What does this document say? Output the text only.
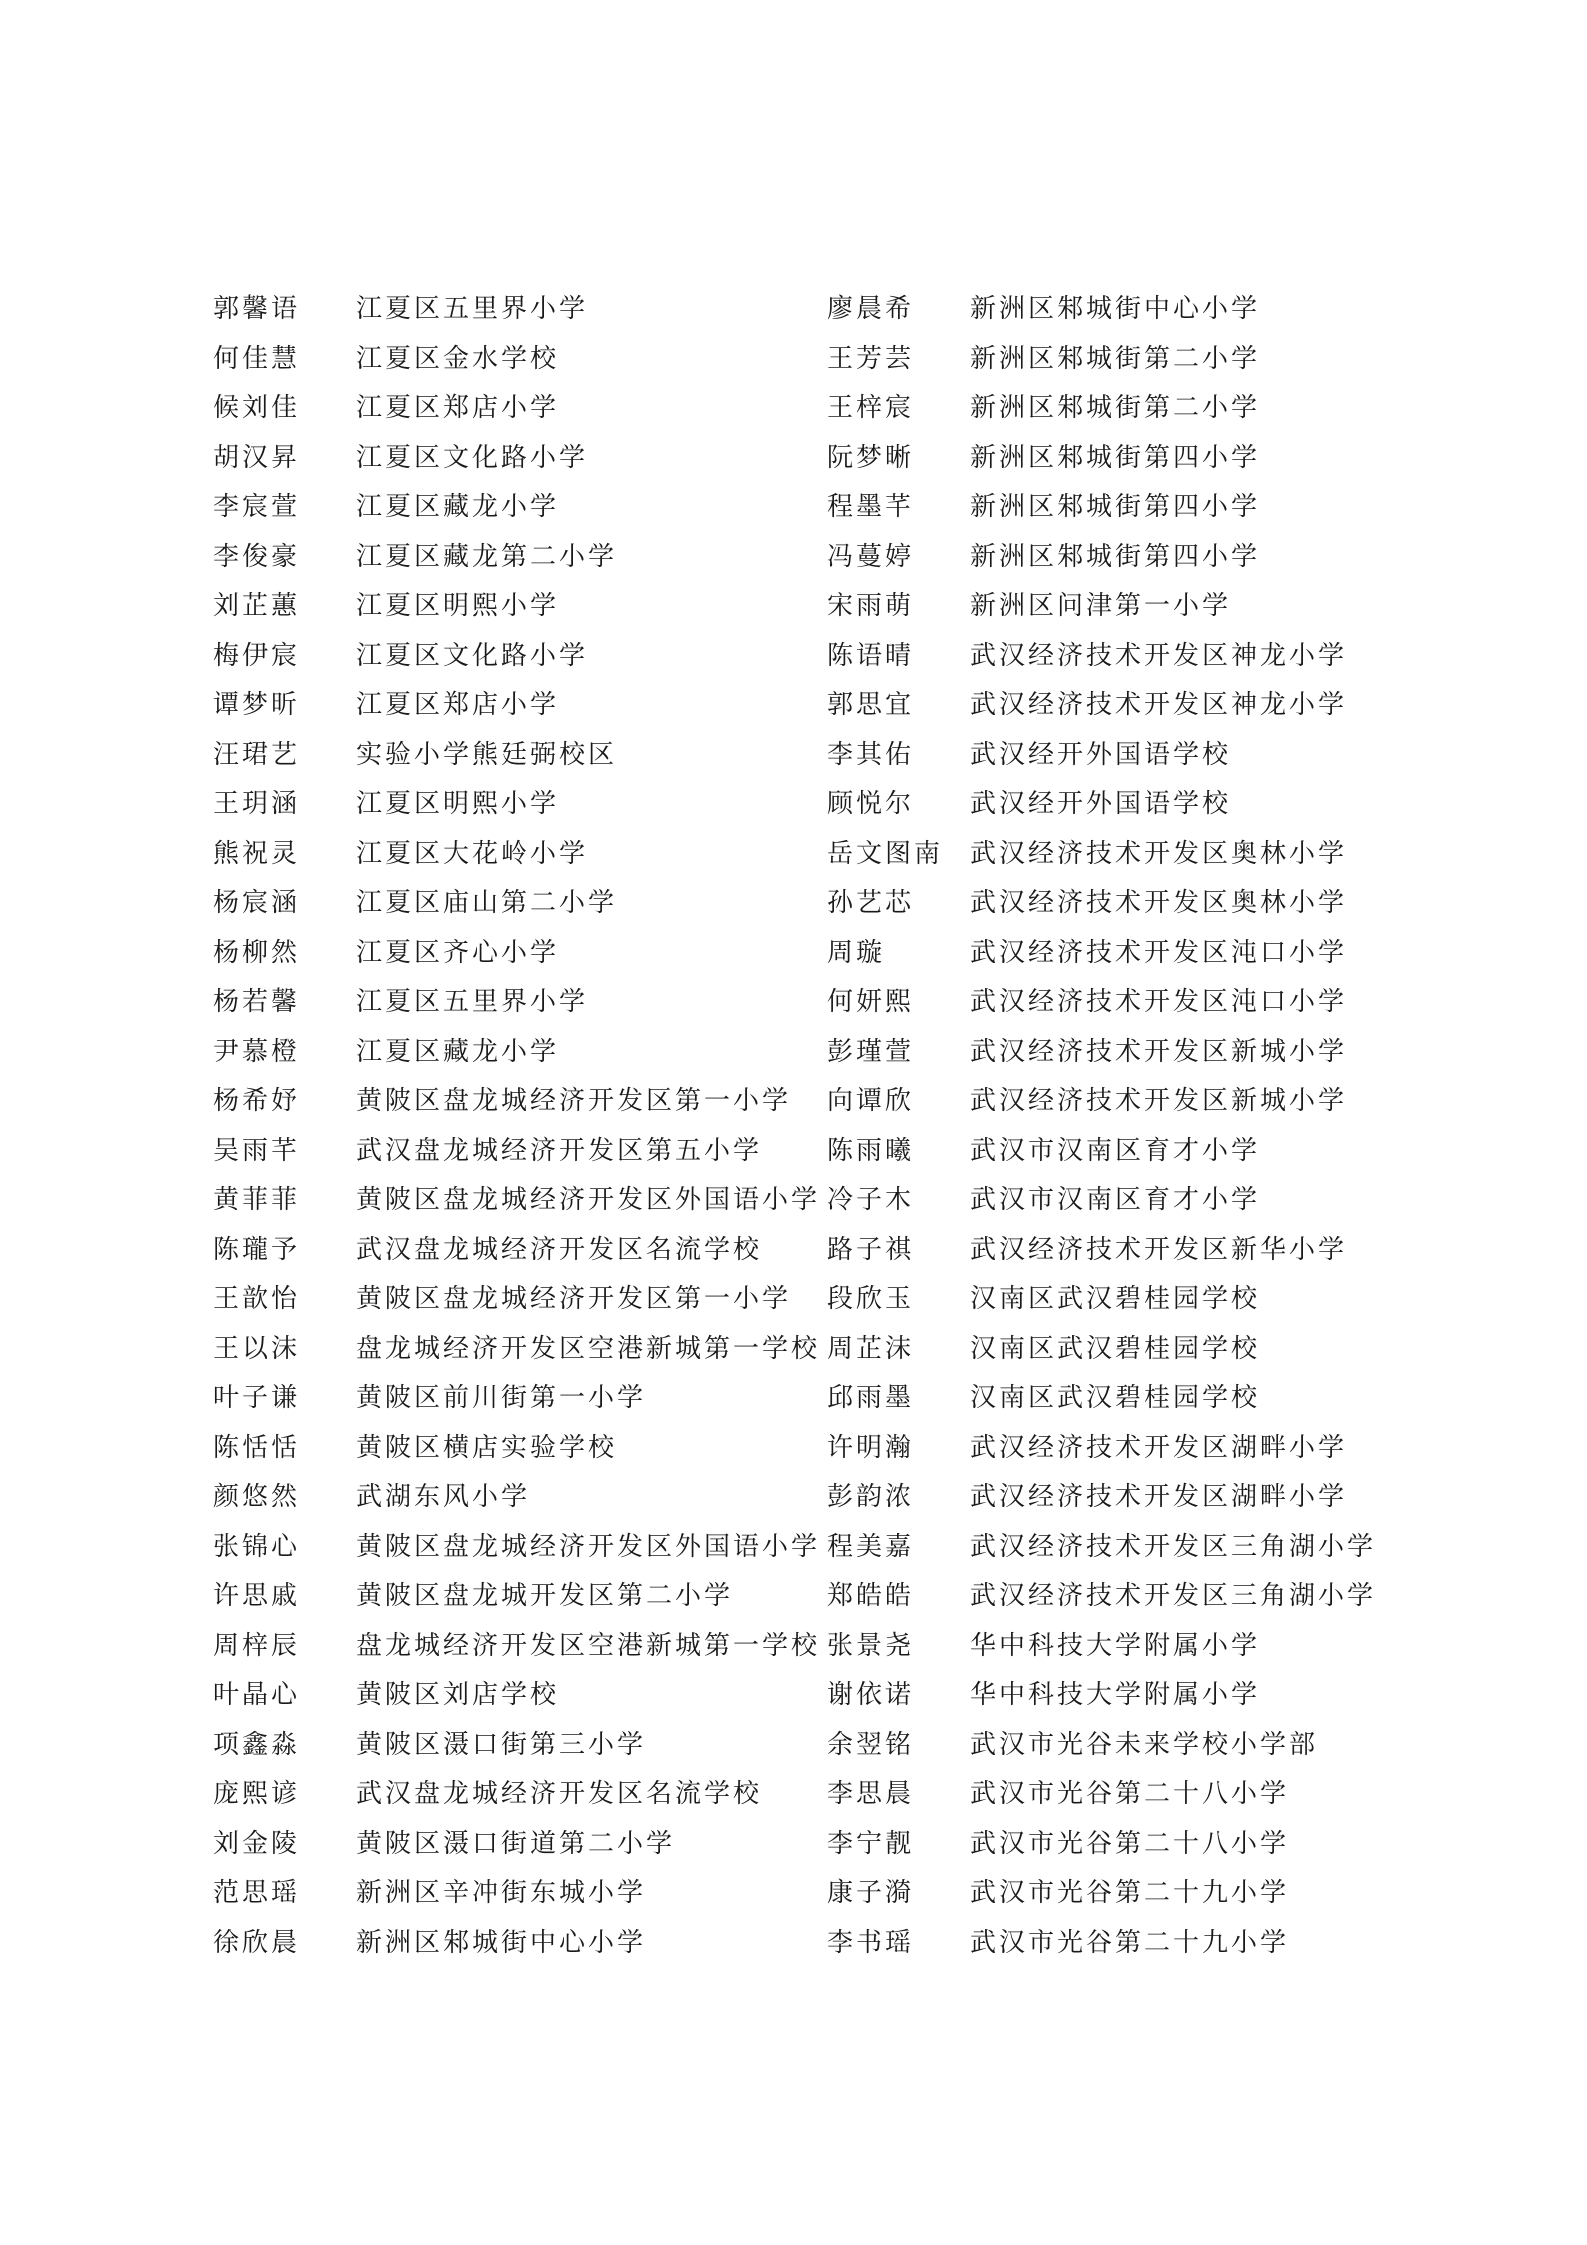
郭馨语 江夏区五里界小学
何佳慧 江夏区金水学校
候刘佳 江夏区郑店小学
胡汉昇 江夏区文化路小学
李宸萱 江夏区藏龙小学
李俊豪 江夏区藏龙第二小学
刘芷蕙 江夏区明熙小学
梅伊宸 江夏区文化路小学
谭梦昕 江夏区郑店小学
汪珺艺 实验小学熊廷弼校区
王玥涵 江夏区明熙小学
熊祝灵 江夏区大花岭小学
杨宸涵 江夏区庙山第二小学
杨柳然 江夏区齐心小学
杨若馨 江夏区五里界小学
尹慕橙 江夏区藏龙小学
杨希妤 黄陂区盘龙城经济开发区第一小学
吴雨芊 武汉盘龙城经济开发区第五小学
黄菲菲 黄陂区盘龙城经济开发区外国语小学
陈瓏予 武汉盘龙城经济开发区名流学校
王歆怡 黄陂区盘龙城经济开发区第一小学
王以沫 盘龙城经济开发区空港新城第一学校
叶子谦 黄陂区前川街第一小学
陈恬恬 黄陂区横店实验学校
颜悠然 武湖东风小学
张锦心 黄陂区盘龙城经济开发区外国语小学
许思戚 黄陂区盘龙城开发区第二小学
周梓辰 盘龙城经济开发区空港新城第一学校
叶晶心 黄陂区刘店学校
项鑫淼 黄陂区滠口街第三小学
庞熙谚 武汉盘龙城经济开发区名流学校
刘金陵 黄陂区滠口街道第二小学
范思瑶 新洲区辛冲街东城小学
徐欣晨 新洲区邾城街中心小学
廖晨希 新洲区邾城街中心小学
王芳芸 新洲区邾城街第二小学
王梓宸 新洲区邾城街第二小学
阮梦晰 新洲区邾城街第四小学
程墨芊 新洲区邾城街第四小学
冯蔓婷 新洲区邾城街第四小学
宋雨萌 新洲区问津第一小学
陈语晴 武汉经济技术开发区神龙小学
郭思宜 武汉经济技术开发区神龙小学
李其佑 武汉经开外国语学校
顾悦尔 武汉经开外国语学校
岳文图南 武汉经济技术开发区奥林小学
孙艺芯 武汉经济技术开发区奥林小学
周璇	武汉经济技术开发区沌口小学
何妍熙 武汉经济技术开发区沌口小学
彭瑾萱 武汉经济技术开发区新城小学
向谭欣 武汉经济技术开发区新城小学
陈雨曦 武汉市汉南区育才小学
冷子木 武汉市汉南区育才小学
路子祺 武汉经济技术开发区新华小学
段欣玉 汉南区武汉碧桂园学校
周芷沫 汉南区武汉碧桂园学校
邱雨墨 汉南区武汉碧桂园学校
许明瀚 武汉经济技术开发区湖畔小学
彭韵浓 武汉经济技术开发区湖畔小学
程美嘉 武汉经济技术开发区三角湖小学
郑皓皓 武汉经济技术开发区三角湖小学
张景尧 华中科技大学附属小学
谢依诺 华中科技大学附属小学
余翌铭 武汉市光谷未来学校小学部
李思晨 武汉市光谷第二十八小学
李宁靓 武汉市光谷第二十八小学
康子漪 武汉市光谷第二十九小学
李书瑶 武汉市光谷第二十九小学
